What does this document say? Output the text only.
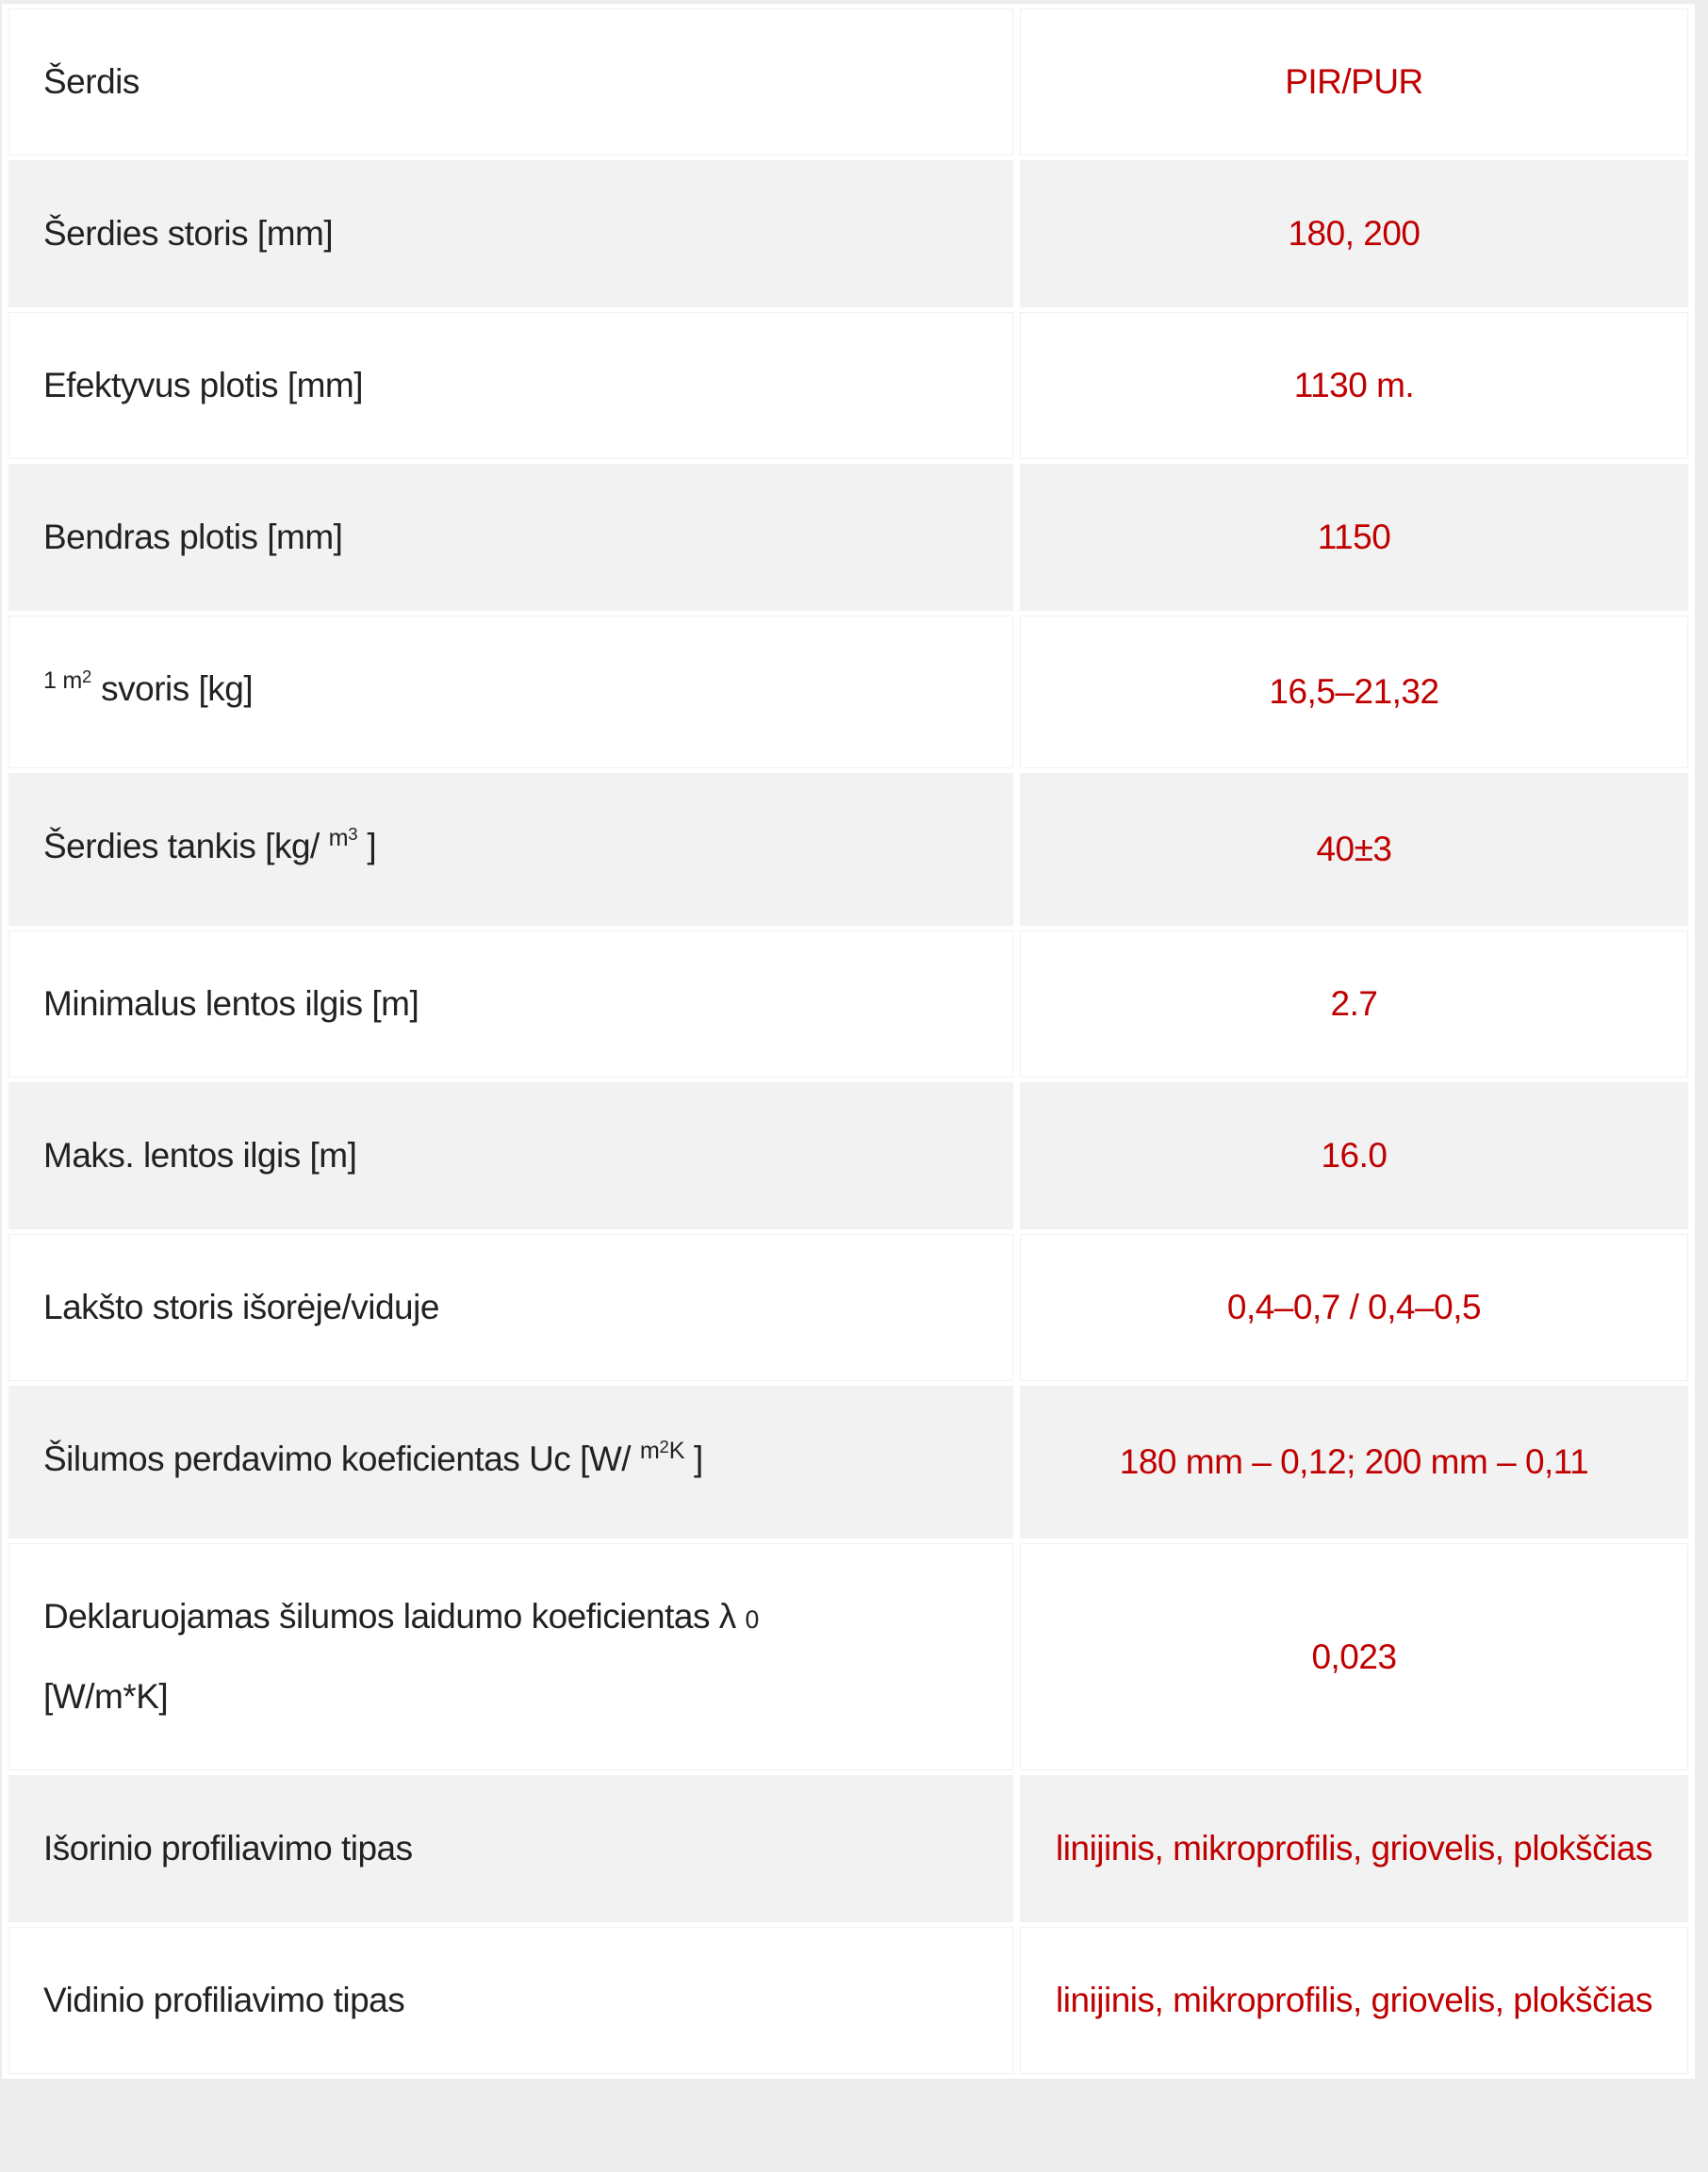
Šerdis	PIR/PUR
Šerdies storis [mm]	180, 200
Efektyvus plotis [mm]	1130 m.
Bendras plotis [mm]	1150
$^{1 m2}$ svoris [kg]	16,5–21,32
Šerdies tankis [kg/ $^{m3}$ ]	40±3
Minimalus lentos ilgis [m]	2.7
Maks. lentos ilgis [m]	16.0
Lakšto storis išorėje/viduje	0,4–0,7 / 0,4–0,5
Šilumos perdavimo koeficientas Uc [W/ $^{m2K}$ ]	180 mm – 0,12; 200 mm – 0,11
Deklaruojamas šilumos laidumo koeficientas λ 0
[W/m*K]	0,023
Išorinio profiliavimo tipas	linijinis, mikroprofilis, griovelis, plokščias
Vidinio profiliavimo tipas	linijinis, mikroprofilis, griovelis, plokščias
